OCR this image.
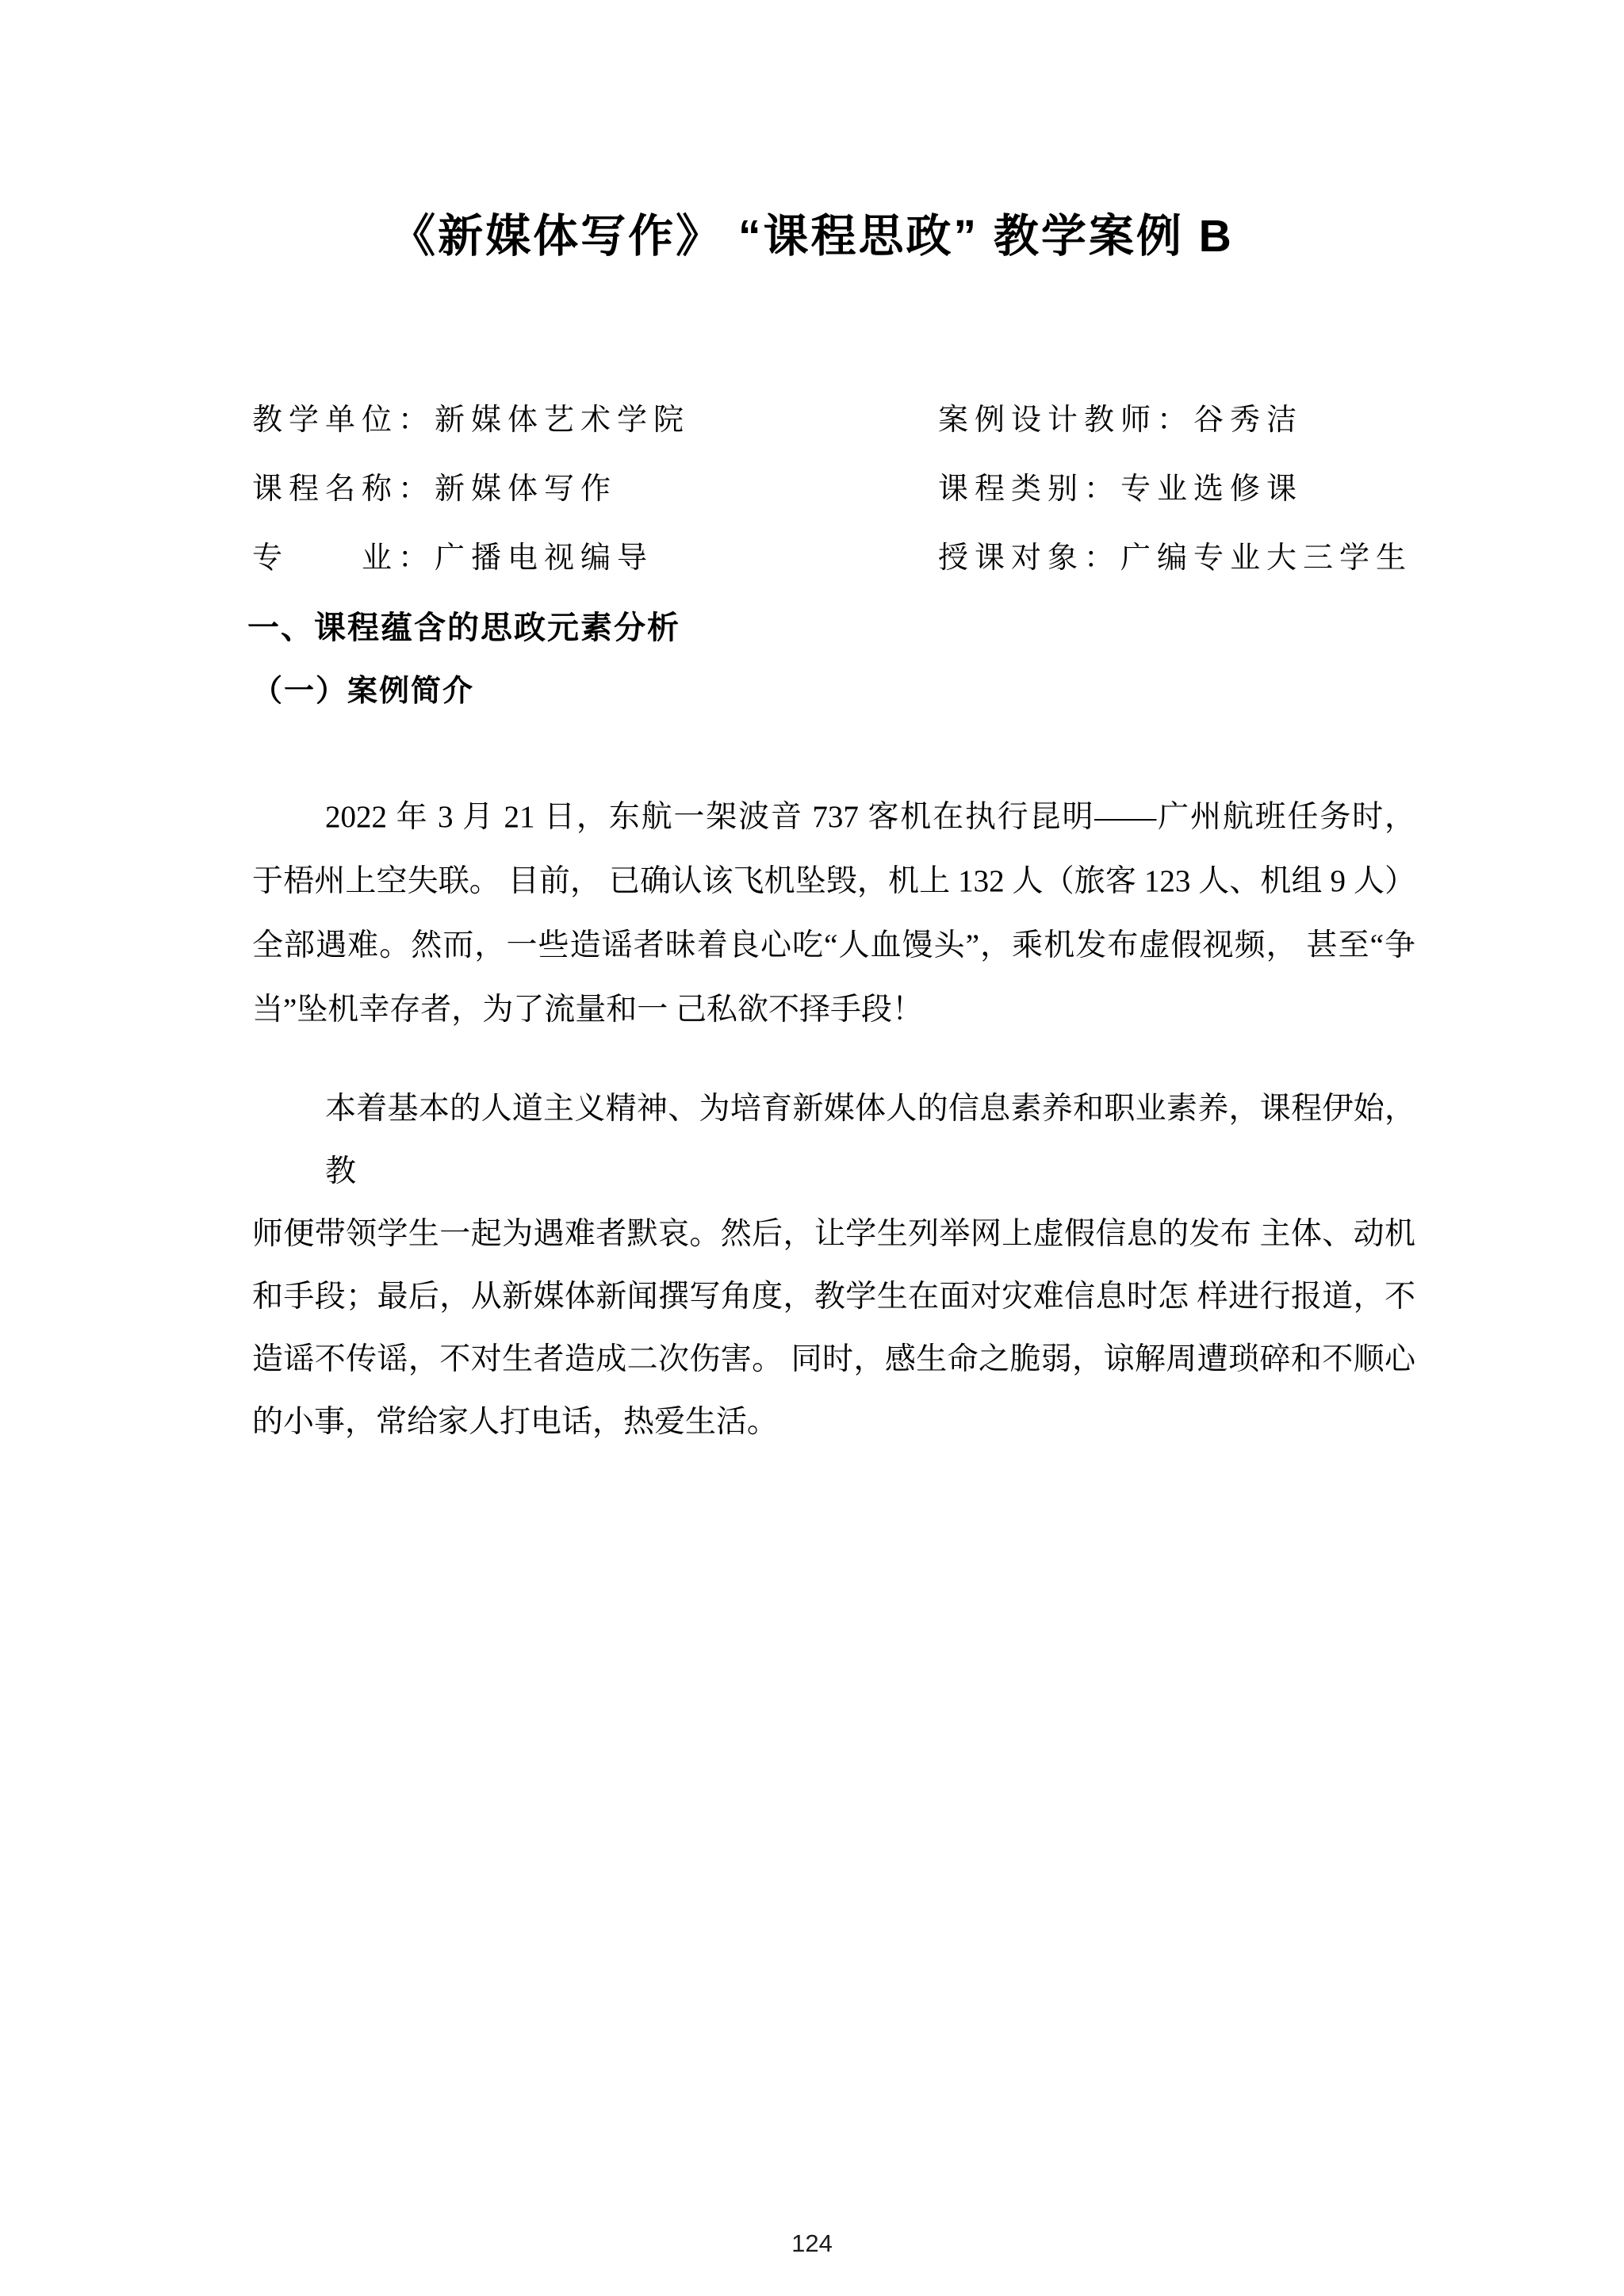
《新媒体写作》 “课程思政” 教学案例 B
教学单位：新媒体艺术学院	案例设计教师：谷秀洁
课程名称：新媒体写作	课程类别：专业选修课
专　　业：广播电视编导	授课对象：广编专业大三学生
一、课程蕴含的思政元素分析
（一）案例简介
2022 年 3 月 21 日，东航一架波音 737 客机在执行昆明——广州航班任务时，
于梧州上空失联。 目前， 已确认该飞机坠毁，机上 132 人（旅客 123 人、机组 9 人）
全部遇难。然而，一些造谣者昧着良心吃“人血馒头”，乘机发布虚假视频， 甚至“争
当”坠机幸存者，为了流量和一 己私欲不择手段！
本着基本的人道主义精神、为培育新媒体人的信息素养和职业素养，课程伊始，教
师便带领学生一起为遇难者默哀。然后，让学生列举网上虚假信息的发布 主体、动机
和手段；最后，从新媒体新闻撰写角度，教学生在面对灾难信息时怎 样进行报道，不
造谣不传谣，不对生者造成二次伤害。 同时，感生命之脆弱，谅解周遭琐碎和不顺心
的小事，常给家人打电话，热爱生活。
124
